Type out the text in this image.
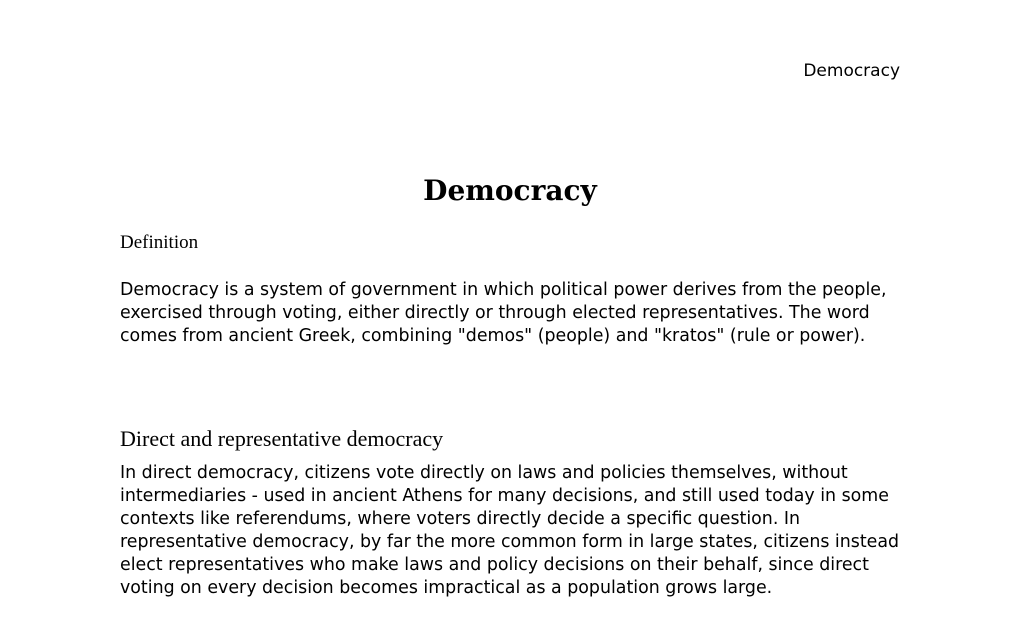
Democracy
Democracy
Definition

Democracy is a system of government in which political power derives from the people, exercised through voting, either directly or through elected representatives. The word comes from ancient Greek, combining "demos" (people) and "kratos" (rule or power).

Direct and representative democracy

In direct democracy, citizens vote directly on laws and policies themselves, without intermediaries - used in ancient Athens for many decisions, and still used today in some contexts like referendums, where voters directly decide a specific question. In representative democracy, by far the more common form in large states, citizens instead elect representatives who make laws and policy decisions on their behalf, since direct voting on every decision becomes impractical as a population grows large.
